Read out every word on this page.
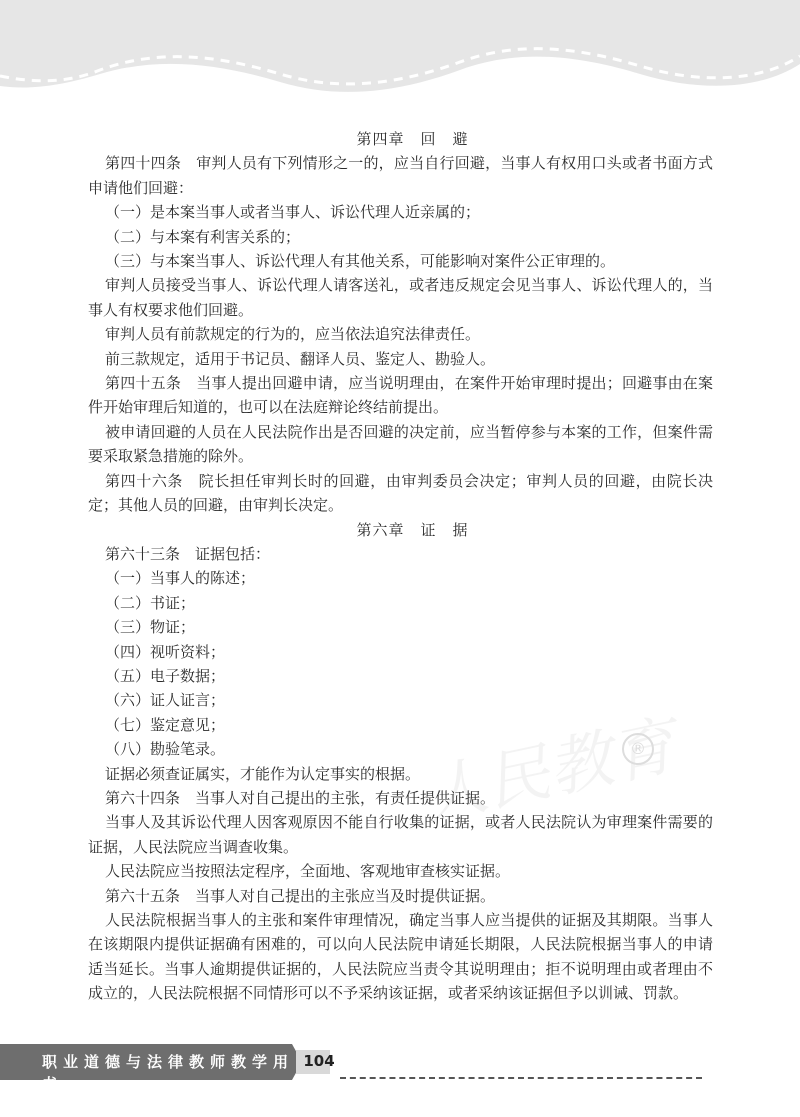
®

第四章　回　避

第四十四条　审判人员有下列情形之一的，应当自行回避，当事人有权用口头或者书面方式申请他们回避：

（一）是本案当事人或者当事人、诉讼代理人近亲属的；

（二）与本案有利害关系的；

（三）与本案当事人、诉讼代理人有其他关系，可能影响对案件公正审理的。

审判人员接受当事人、诉讼代理人请客送礼，或者违反规定会见当事人、诉讼代理人的，当事人有权要求他们回避。

审判人员有前款规定的行为的，应当依法追究法律责任。

前三款规定，适用于书记员、翻译人员、鉴定人、勘验人。

第四十五条　当事人提出回避申请，应当说明理由，在案件开始审理时提出；回避事由在案件开始审理后知道的，也可以在法庭辩论终结前提出。

被申请回避的人员在人民法院作出是否回避的决定前，应当暂停参与本案的工作，但案件需要采取紧急措施的除外。

第四十六条　院长担任审判长时的回避，由审判委员会决定；审判人员的回避，由院长决定；其他人员的回避，由审判长决定。

第六章　证　据

第六十三条　证据包括：

（一）当事人的陈述；

（二）书证；

（三）物证；

（四）视听资料；

（五）电子数据；

（六）证人证言；

（七）鉴定意见；

（八）勘验笔录。

证据必须查证属实，才能作为认定事实的根据。

第六十四条　当事人对自己提出的主张，有责任提供证据。

当事人及其诉讼代理人因客观原因不能自行收集的证据，或者人民法院认为审理案件需要的证据，人民法院应当调查收集。

人民法院应当按照法定程序，全面地、客观地审查核实证据。

第六十五条　当事人对自己提出的主张应当及时提供证据。

人民法院根据当事人的主张和案件审理情况，确定当事人应当提供的证据及其期限。当事人在该期限内提供证据确有困难的，可以向人民法院申请延长期限，人民法院根据当事人的申请适当延长。当事人逾期提供证据的，人民法院应当责令其说明理由；拒不说明理由或者理由不成立的，人民法院根据不同情形可以不予采纳该证据，或者采纳该证据但予以训诫、罚款。

职业道德与法律教师教学用书
104
